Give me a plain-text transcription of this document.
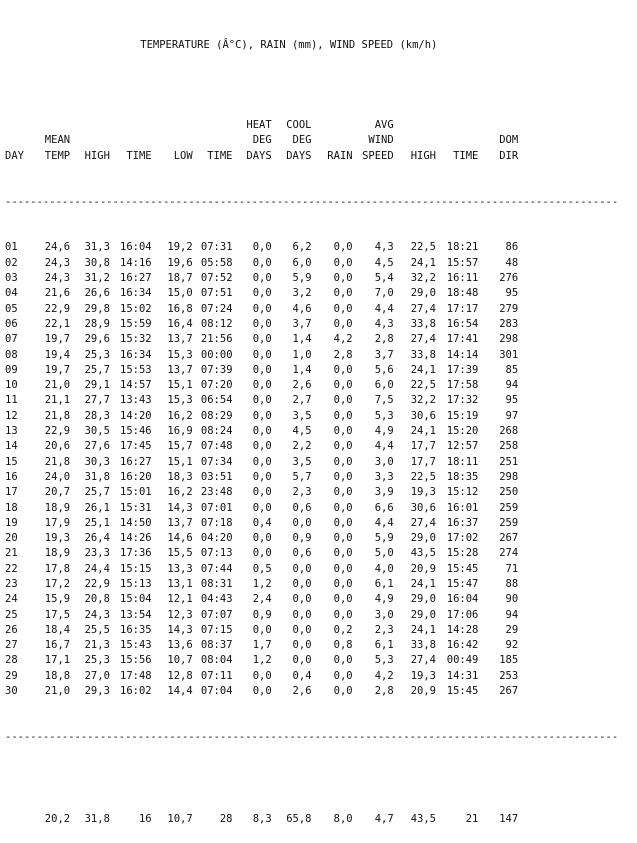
TEMPERATURE (Â°C), RAIN (mm), WIND SPEED (km/h)

HEAT COOL	AVG
MEAN	DEG DEG	WIND	DOM
DAY TEMP HIGH TIME LOW TIME DAYS DAYS RAIN SPEED HIGH TIME DIR

-------------------------------------------------------------------------------------------------

01	24,6 31,3 16:04 19,2 07:31 0,0 6,2 0,0 4,3 22,5 18:21	86
02	24,3 30,8 14:16 19,6 05:58 0,0 6,0 0,0 4,5 24,1 15:57	48
03	24,3 31,2 16:27 18,7 07:52 0,0 5,9 0,0 5,4 32,2 16:11 276
04	21,6 26,6 16:34 15,0 07:51 0,0 3,2 0,0 7,0 29,0 18:48	95
05	22,9 29,8 15:02 16,8 07:24 0,0 4,6 0,0 4,4 27,4 17:17 279
06	22,1 28,9 15:59 16,4 08:12 0,0 3,7 0,0 4,3 33,8 16:54 283
07	19,7 29,6 15:32 13,7 21:56 0,0 1,4 4,2 2,8 27,4 17:41 298
08	19,4 25,3 16:34 15,3 00:00 0,0 1,0 2,8 3,7 33,8 14:14 301
09	19,7 25,7 15:53 13,7 07:39 0,0 1,4 0,0 5,6 24,1 17:39	85
10	21,0 29,1 14:57 15,1 07:20 0,0 2,6 0,0 6,0 22,5 17:58	94
11	21,1 27,7 13:43 15,3 06:54 0,0 2,7 0,0 7,5 32,2 17:32	95
12	21,8 28,3 14:20 16,2 08:29 0,0 3,5 0,0 5,3 30,6 15:19	97
13	22,9 30,5 15:46 16,9 08:24 0,0 4,5 0,0 4,9 24,1 15:20 268
14	20,6 27,6 17:45 15,7 07:48 0,0 2,2 0,0 4,4 17,7 12:57 258
15	21,8 30,3 16:27 15,1 07:34 0,0 3,5 0,0 3,0 17,7 18:11 251
16	24,0 31,8 16:20 18,3 03:51 0,0 5,7 0,0 3,3 22,5 18:35 298
17	20,7 25,7 15:01 16,2 23:48 0,0 2,3 0,0 3,9 19,3 15:12 250
18	18,9 26,1 15:31 14,3 07:01 0,0 0,6 0,0 6,6 30,6 16:01 259
19	17,9 25,1 14:50 13,7 07:18 0,4 0,0 0,0 4,4 27,4 16:37 259
20	19,3 26,4 14:26 14,6 04:20 0,0 0,9 0,0 5,9 29,0 17:02 267
21	18,9 23,3 17:36 15,5 07:13 0,0 0,6 0,0 5,0 43,5 15:28 274
22	17,8 24,4 15:15 13,3 07:44 0,5 0,0 0,0 4,0 20,9 15:45	71
23	17,2 22,9 15:13 13,1 08:31 1,2 0,0 0,0 6,1 24,1 15:47	88
24	15,9 20,8 15:04 12,1 04:43 2,4 0,0 0,0 4,9 29,0 16:04	90
25	17,5 24,3 13:54 12,3 07:07 0,9 0,0 0,0 3,0 29,0 17:06	94
26	18,4 25,5 16:35 14,3 07:15 0,0 0,0 0,2 2,3 24,1 14:28	29
27	16,7 21,3 15:43 13,6 08:37 1,7 0,0 0,8 6,1 33,8 16:42	92
28	17,1 25,3 15:56 10,7 08:04 1,2 0,0 0,0 5,3 27,4 00:49 185
29	18,8 27,0 17:48 12,8 07:11 0,0 0,4 0,0 4,2 19,3 14:31 253
30	21,0 29,3 16:02 14,4 07:04 0,0 2,6 0,0 2,8 20,9 15:45 267

-------------------------------------------------------------------------------------------------

20,2 31,8	16 10,7	28 8,3 65,8 8,0 4,7 43,5	21 147
